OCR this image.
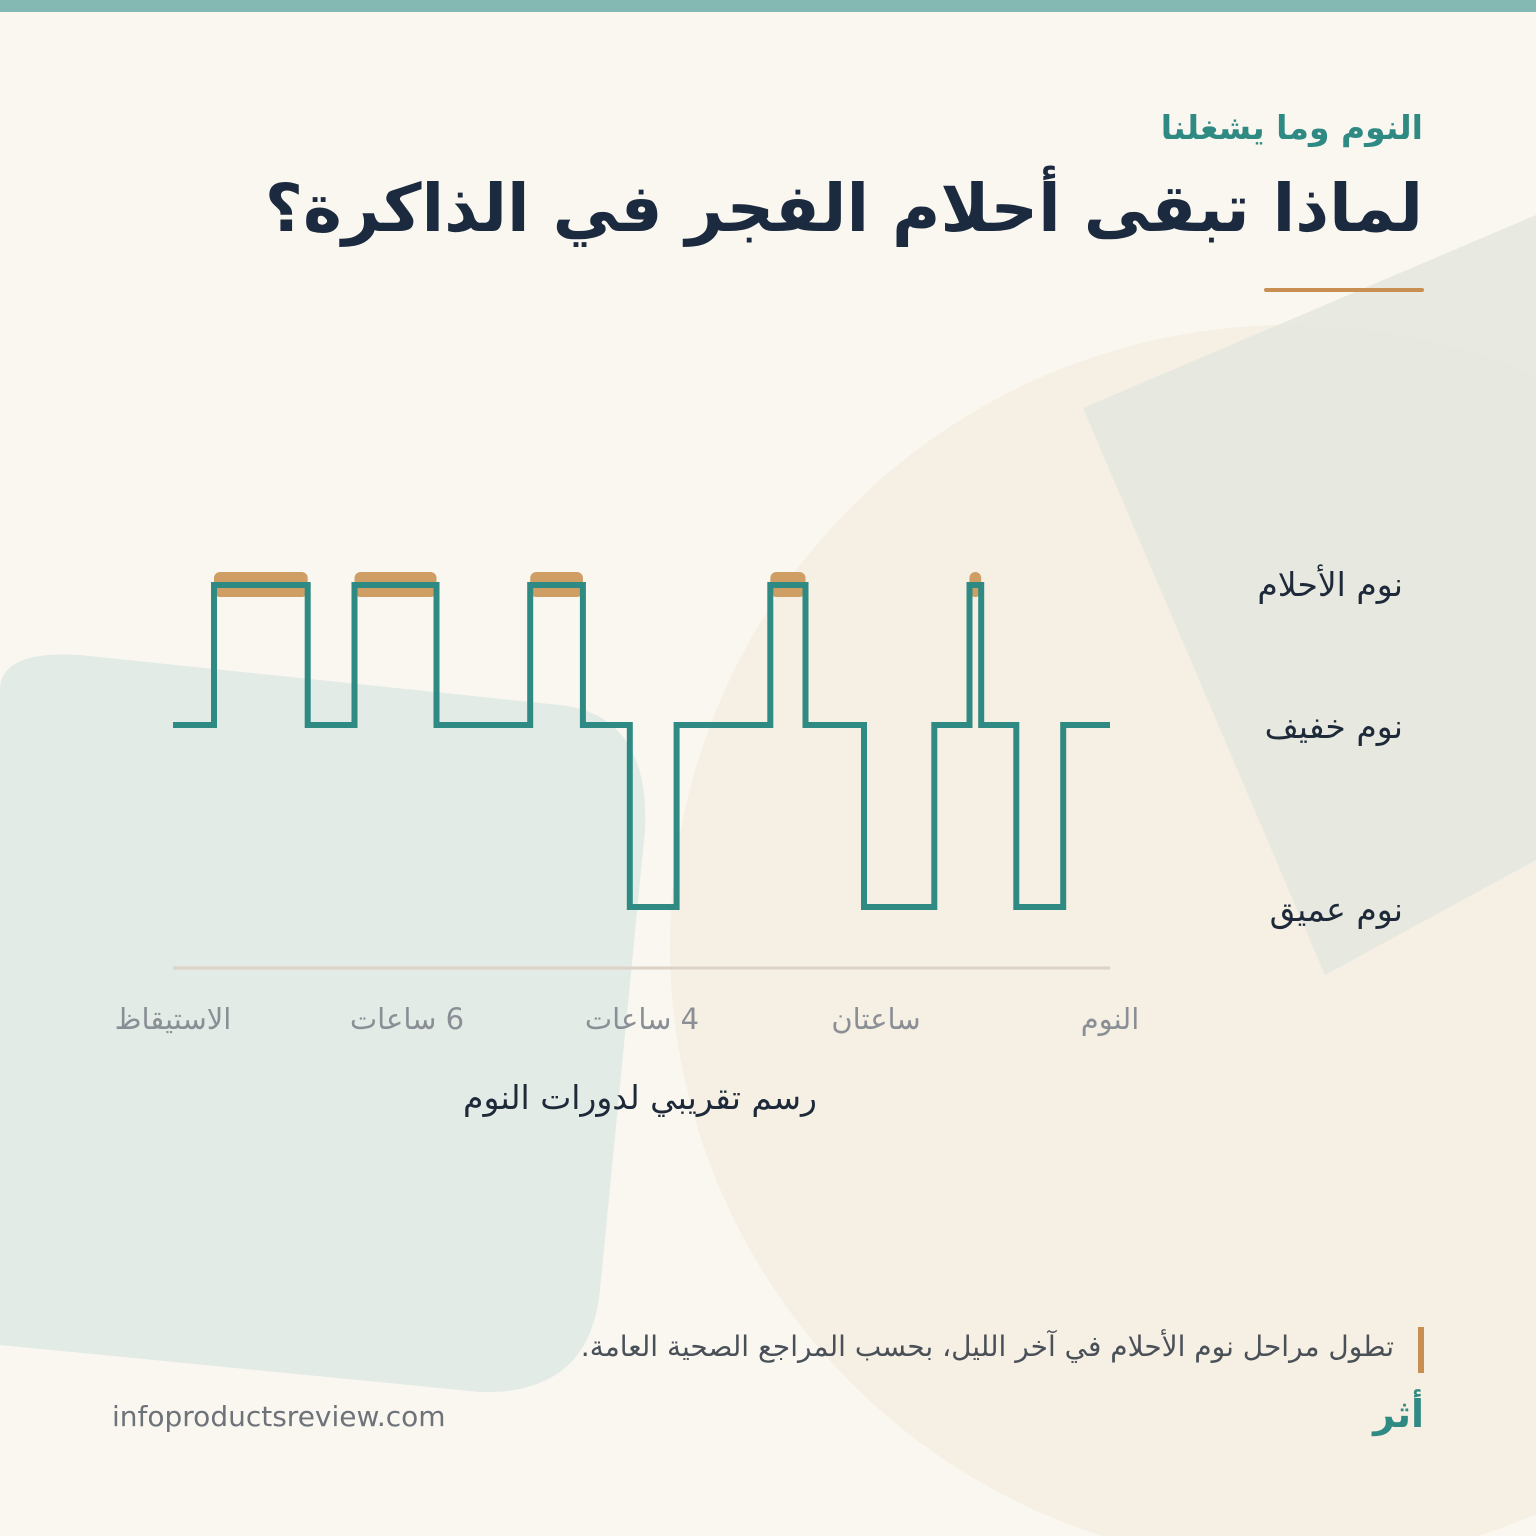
النوم وما يشغلنا
لماذا تبقى أحلام الفجر في الذاكرة؟
نوم الأحلام
نوم خفيف
نوم عميق
النوم
ساعتان
4 ساعات
6 ساعات
الاستيقاظ
رسم تقريبي لدورات النوم
تطول مراحل نوم الأحلام في آخر الليل، بحسب المراجع الصحية العامة.
infoproductsreview.com	أثر
